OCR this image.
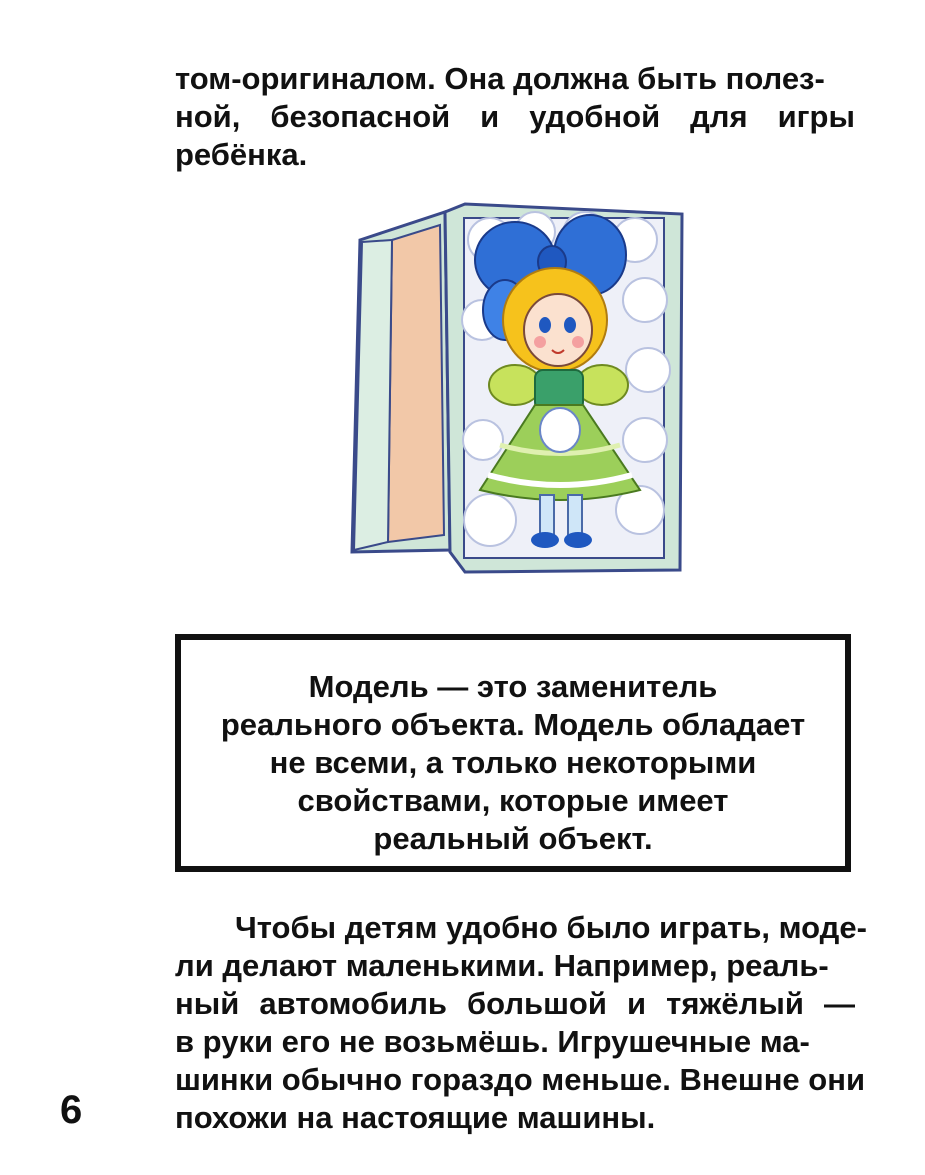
том-оригиналом. Она должна быть полез-
ной, безопасной и удобной для игры
ребёнка.
Модель — это заменитель
реального объекта. Модель обладает
не всеми, а только некоторыми
свойствами, которые имеет
реальный объект.
Чтобы детям удобно было играть, моде-
ли делают маленькими. Например, реаль-
ный автомобиль большой и тяжёлый —
в руки его не возьмёшь. Игрушечные ма-
шинки обычно гораздо меньше. Внешне они
похожи на настоящие машины.
6
